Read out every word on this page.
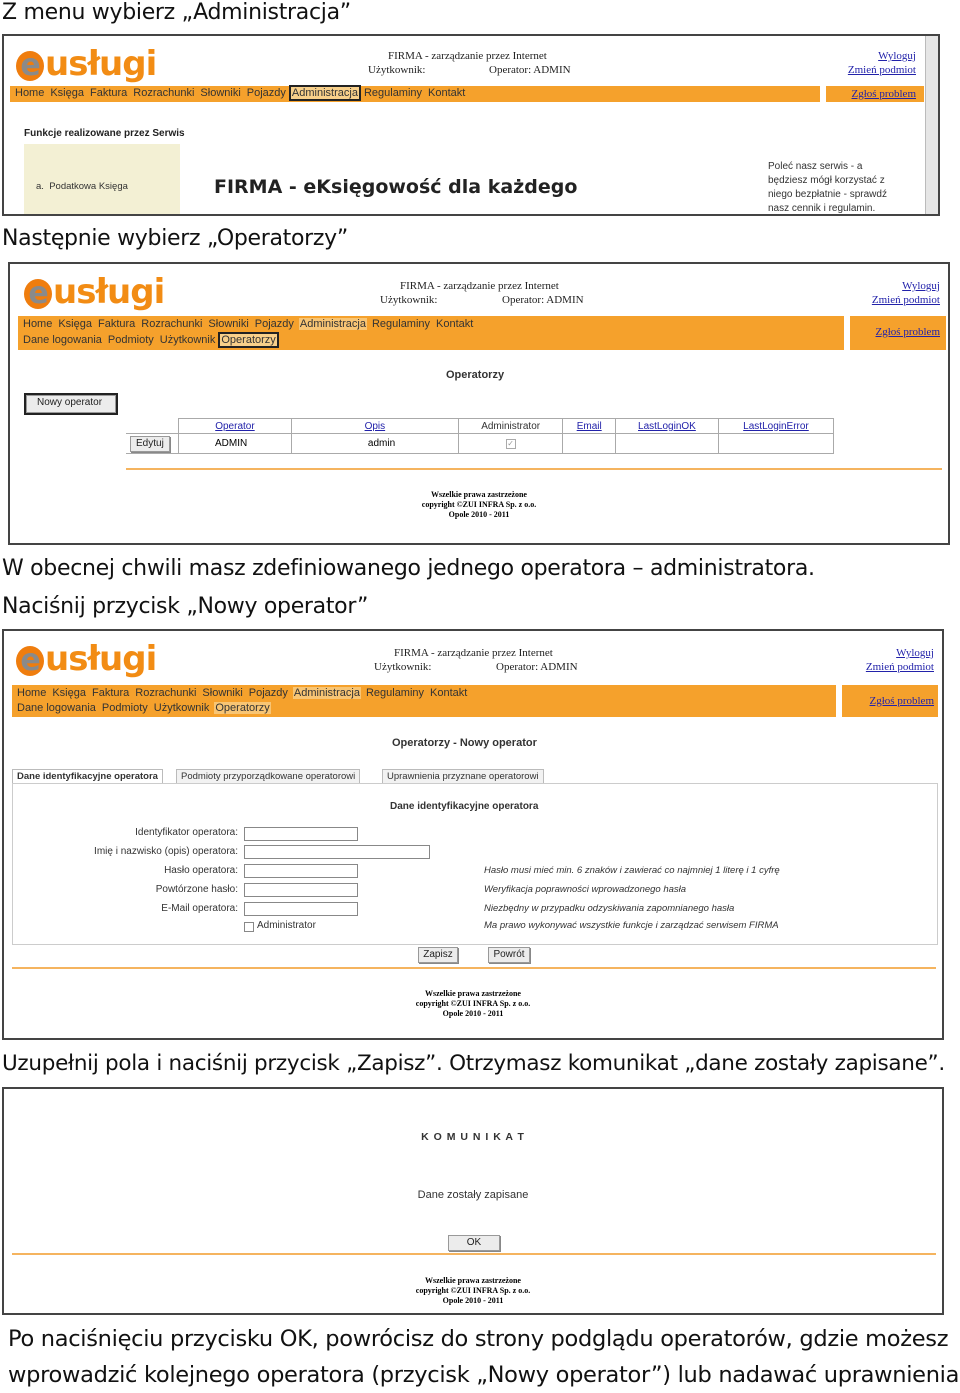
Z menu wybierz „Administracja”
e usługi	FIRMA - zarządzanie przez Internet
Użytkownik:	Operator: ADMIN
Wyloguj
Zmień podmiot
Home Księga Faktura Rozrachunki Słowniki Pojazdy Administracja Regulaminy Kontakt	Zgłoś problem
Funkcje realizowane przez Serwis

a.  Podatkowa Księga

	FIRMA - eKsięgowość dla każdego
Poleć nasz serwis - a
będziesz mógł korzystać z
niego bezpłatnie - sprawdź
nasz cennik i regulamin.
Następnie wybierz „Operatorzy”
e usługi	FIRMA - zarządzanie przez Internet
Użytkownik:	Operator: ADMIN
Wyloguj
Zmień podmiot
Home Księga Faktura Rozrachunki Słowniki Pojazdy Administracja Regulaminy Kontakt
Dane logowania Podmioty Użytkownik Operatorzy
Zgłoś problem
Operatorzy
Nowy operator
	Operator	Opis	Administrator	Email	LastLoginOK	LastLoginError
Edytuj	ADMIN	admin	✓			
Wszelkie prawa zastrzeżone
copyright ©ZUI INFRA Sp. z o.o.
Opole 2010 - 2011
W obecnej chwili masz zdefiniowanego jednego operatora – administratora.
Naciśnij przycisk „Nowy operator”
e usługi	FIRMA - zarządzanie przez Internet
Użytkownik:	Operator: ADMIN
Wyloguj
Zmień podmiot
Home Księga Faktura Rozrachunki Słowniki Pojazdy Administracja Regulaminy Kontakt
Dane logowania Podmioty Użytkownik Operatorzy
Zgłoś problem
Operatorzy - Nowy operator
Dane identyfikacyjne operatora	Podmioty przyporządkowane operatorowi	Uprawnienia przyznane operatorowi
Dane identyfikacyjne operatora
Identyfikator operatora:
Imię i nazwisko (opis) operatora:
Hasło operatora:
Powtórzone hasło:
E-Mail operatora:
Administrator
Hasło musi mieć min. 6 znaków i zawierać co najmniej 1 literę i 1 cyfrę
Weryfikacja poprawności wprowadzonego hasła
Niezbędny w przypadku odzyskiwania zapomnianego hasła
Ma prawo wykonywać wszystkie funkcje i zarządzać serwisem FIRMA
Zapisz	Powrót
Wszelkie prawa zastrzeżone
copyright ©ZUI INFRA Sp. z o.o.
Opole 2010 - 2011
Uzupełnij pola i naciśnij przycisk „Zapisz”. Otrzymasz komunikat „dane zostały zapisane”.
K O M U N I K A T
Dane zostały zapisane
OK
Wszelkie prawa zastrzeżone
copyright ©ZUI INFRA Sp. z o.o.
Opole 2010 - 2011
Po naciśnięciu przycisku OK, powrócisz do strony podglądu operatorów, gdzie możesz
wprowadzić kolejnego operatora (przycisk „Nowy operator”) lub nadawać uprawnienia
